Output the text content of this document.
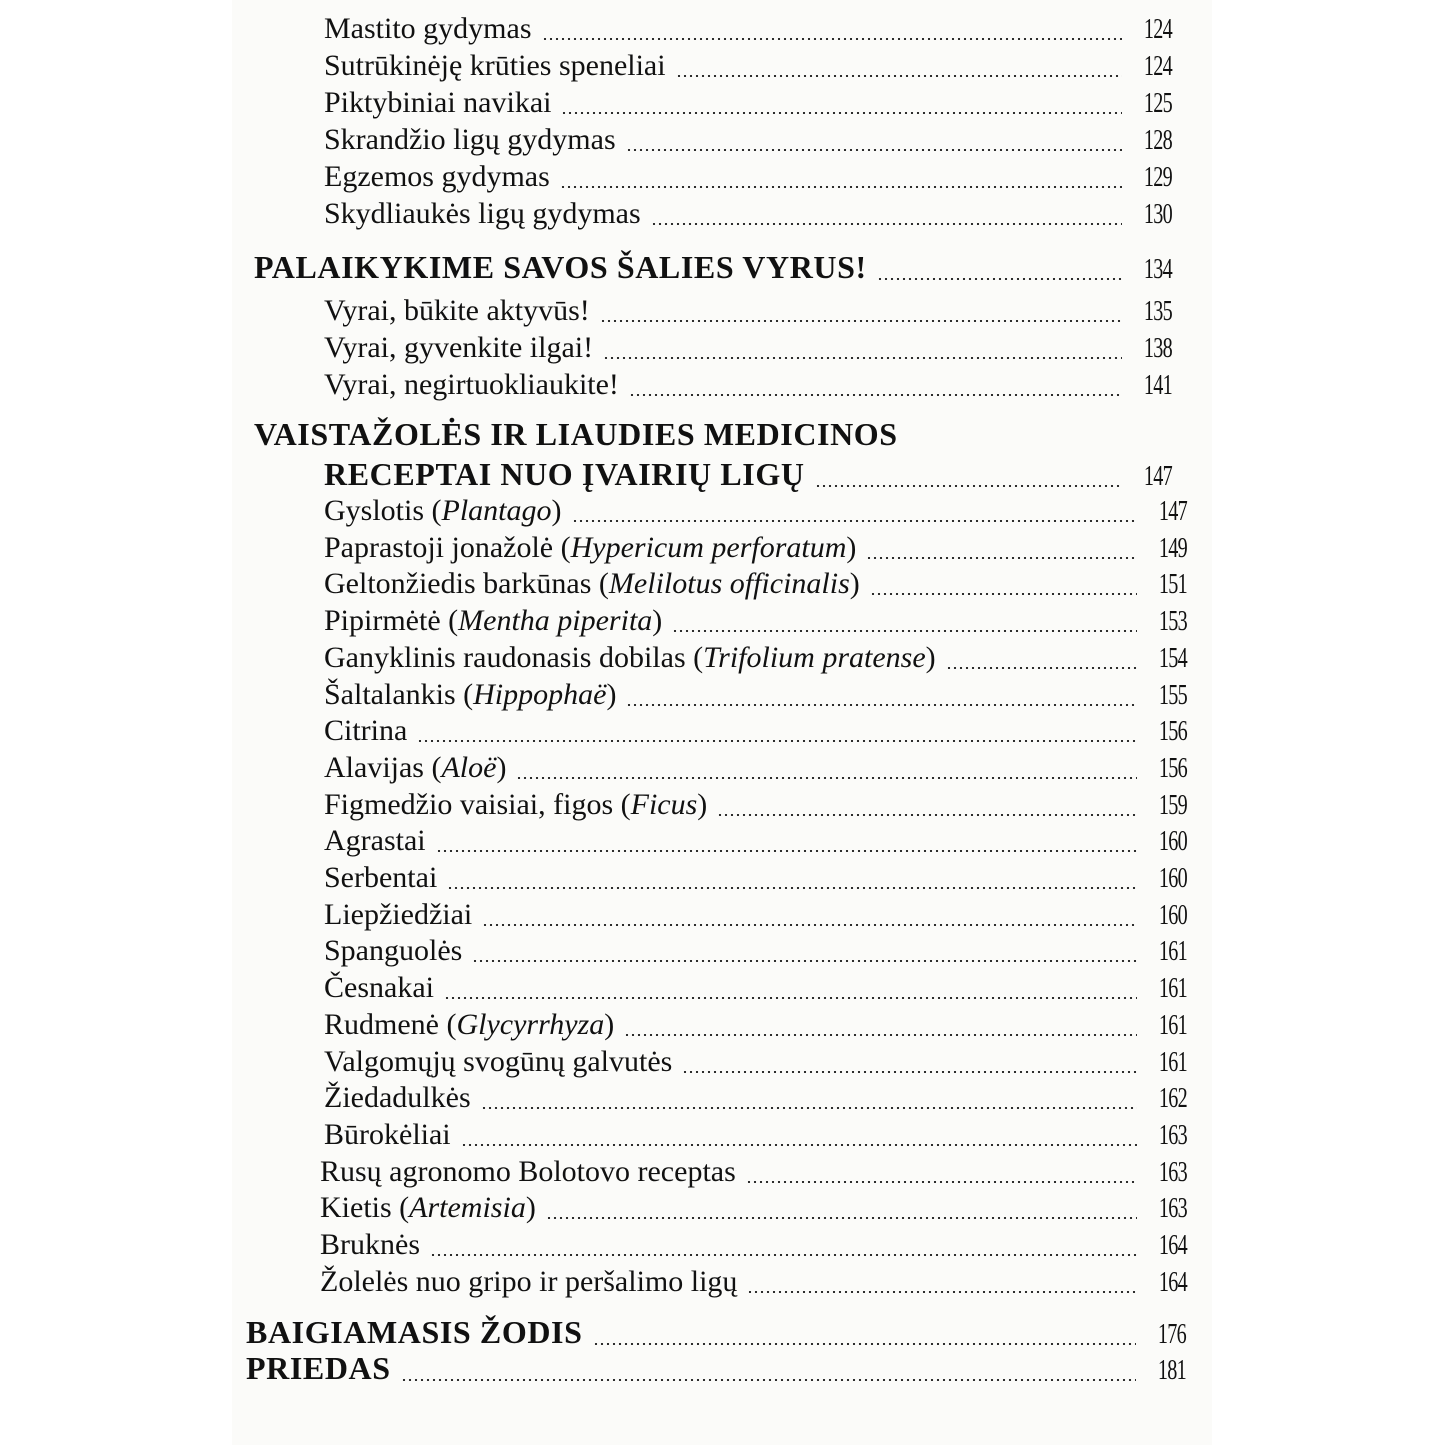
Mastito gydymas	124
Sutrūkinėję krūties speneliai	124
Piktybiniai navikai	125
Skrandžio ligų gydymas	128
Egzemos gydymas	129
Skydliaukės ligų gydymas	130
PALAIKYKIME SAVOS ŠALIES VYRUS!	134
Vyrai, būkite aktyvūs!	135
Vyrai, gyvenkite ilgai!	138
Vyrai, negirtuokliaukite!	141
VAISTAŽOLĖS IR LIAUDIES MEDICINOS
RECEPTAI NUO ĮVAIRIŲ LIGŲ	147
Gyslotis (Plantago)	147
Paprastoji jonažolė (Hypericum perforatum)	149
Geltonžiedis barkūnas (Melilotus officinalis)	151
Pipirmėtė (Mentha piperita)	153
Ganyklinis raudonasis dobilas (Trifolium pratense)	154
Šaltalankis (Hippophaë)	155
Citrina	156
Alavijas (Aloë)	156
Figmedžio vaisiai, figos (Ficus)	159
Agrastai	160
Serbentai	160
Liepžiedžiai	160
Spanguolės	161
Česnakai	161
Rudmenė (Glycyrrhyza)	161
Valgomųjų svogūnų galvutės	161
Žiedadulkės	162
Būrokėliai	163
Rusų agronomo Bolotovo receptas	163
Kietis (Artemisia)	163
Bruknės	164
Žolelės nuo gripo ir peršalimo ligų	164
BAIGIAMASIS ŽODIS	176
PRIEDAS	181
